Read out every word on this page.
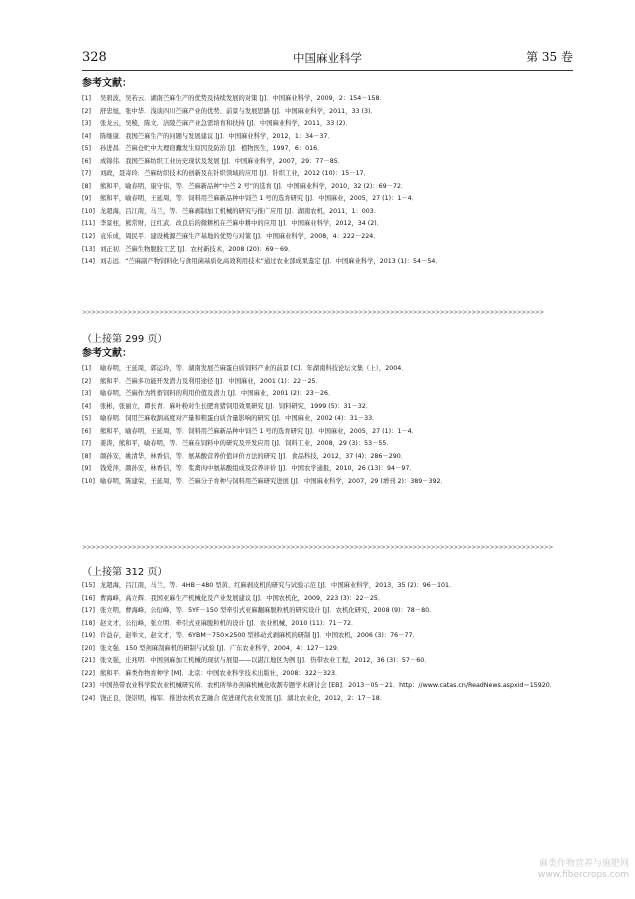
328	中国麻业科学	第 35 卷
参考文献：

[1] 吴碧波，吴若云．湖南苎麻生产的优势及持续发展的对策 [J]．中国麻业科学，2009，2：154－158．

[2] 舒忠旭，张中华．浅谈四川苎麻产业的优势、前景与发展思路 [J]．中国麻业科学，2011，33 (3)．

[3] 张龙云，吴稜，陈文．涪陵苎麻产业急需培育和扶持 [J]．中国麻业科学，2011，33 (2)．

[4] 陈继康．我国苎麻生产的问题与发展建议 [J]．中国麻业科学，2012，1：34－37．

[5] 孙进昌．苎麻仓贮中大理窃蠹发生原因及防治 [J]．植物医生，1997，6：016．

[6] 成锦伟．我国苎麻纺织工业历史现状及发展 [J]．中国麻业科学，2007，29：77－85．

[7] 刘政，聂寄玲．苎麻纺织技术的创新及在针织领域的应用 [J]．针织工业，2012 (10)：15－17．

[8] 熊和平，喻春明，康守伟，等．苎麻新品种“中苎 2 号”的选育 [J]．中国麻业科学，2010，32 (2)：69－72．

[9] 熊和平，喻春明，王延周，等．饲料用苎麻新品种中饲苎 1 号的选育研究 [J]．中国麻业，2005，27 (1)：1－4．

[10] 龙超海，吕江南，马兰，等．苎麻剥制加工机械的研究与推广应用 [J]．湖南农机，2011，1：003．

[11] 李景柱，熊常财，汪红武．改良后的微耕机在苎麻中耕中的应用 [J]．中国麻业科学，2012，34 (2)．

[12] 袁乐成，周民平．建设桃源苎麻生产基地的优势与对策 [J]．中国麻业科学，2008，4：222－224．

[13] 刘正初．苎麻生物脱胶工艺 [J]．农村新技术，2008 (20)：69－69．

[14] 刘志远．“苎麻副产物饲料化与食用菌基质化高效利用技术”通过农业部成果鉴定 [J]．中国麻业科学，2013 (1)：54－54．

>>>>>>>>>>>>>>>>>>>>>>>>>>>>>>>>>>>>>>>>>>>>>>>>>>>>>>>>>>>>>>>>>>>>>>>>>>>>>>>>>>>>>>>>>>>>>>>>>>>>>>
（上接第 299 页）
参考文献：

[1] 喻春明，王延周，郭运玲，等．湖南发展苎麻蛋白质饲料产业的前景 [C]．年湖南科技论坛文集（上），2004．

[2] 熊和平．苎麻多功能开发潜力及利用途径 [J]．中国麻业，2001 (1)：22－25．

[3] 喻春明，苎麻作为牲畜饲料的利用价值及潜力 [J]．中国麻业，2001 (2)：23－26．

[4] 张彬，张丽立，谭长青．麻叶粉对生长肥育猪饲用效果研究 [J]．饲料研究，1999 (5)：31－32．

[5] 喻春明．饲用苎麻收割高度对产量和粗蛋白质含量影响的研究 [J]．中国麻业，2002 (4)：31－33．

[6] 熊和平，喻春明，王延周，等．饲料用苎麻新品种中饲苎 1 号的选育研究 [J]．中国麻业，2005，27 (1)：1－4．

[7] 姜涛，熊和平，喻春明，等．苎麻在饲料中的研究及开发应用 [J]．饲料工业，2008，29 (3)：53－55．

[8] 颜孙安，姚清华，林香信，等．氨基酸营养价值评价方法的研究 [J]．食品科技，2012，37 (4)：286－290．

[9] 钱爱萍，颜孙安，林香信，等．浆禽肉中氨基酸组成及营养评价 [J]．中国农学通报，2010，26 (13)：94－97．

[10] 喻春明，陈建荣，王延周，等．苎麻分子育种与饲料用苎麻研究进展 [J]．中国麻业科学，2007，29 (增刊 2)：389－392．

>>>>>>>>>>>>>>>>>>>>>>>>>>>>>>>>>>>>>>>>>>>>>>>>>>>>>>>>>>>>>>>>>>>>>>>>>>>>>>>>>>>>>>>>>>>>>>>>>>>>>>>>
（上接第 312 页）

[15] 龙超海，吕江南，马兰，等．4HB－480 型黄、红麻剥皮机的研究与试验示范 [J]．中国麻业科学，2013，35 (2)：96－101．

[16] 曹海峰，高立辉．我国亚麻生产机械化及产业发展建议 [J]．中国农机化，2009，223 (3)：22－25．

[17] 张立明，曹海峰，公衍峰，等．5YF－150 型牵引式亚麻翻麻脱粒机的研究设计 [J]．农机化研究，2008 (9)：78－80．

[18] 赵文才，公衍峰，张立明．牵引式亚麻脱粒机的设计 [J]．农业机械，2010 (11)：71－72．

[19] 许益存，赵举文，赵文才，等．6YBM－750×2500 型移动式剥麻机的研制 [J]．中国农机，2006 (3)：76－77．

[20] 张文强．150 型剑麻刮麻机的研制与试验 [J]．广东农业科学，2004，4：127－129．

[21] 张文强，庄兆明．中国剑麻加工机械的现状与展望——以湛江地区为例 [J]．热带农业工程，2012，36 (3)：57－60．

[22] 熊和平．麻类作物育种学 [M]．北京：中国农业科学技术出版社，2008：322－323．

[23] 中国热带农业科学院农业机械研究所．农机所举办剑麻机械化收割专题学术研讨会 [EB]．2013－05－21．http：//www.catas.cn/ReadNews.aspxid＝15920．

[24] 饶正良，饶崇明，梅军．推进农机农艺融合 促进现代农业发展 [J]．湖北农业化，2012，2：17－18．

麻类作物营养与施肥网
www.fibercrops.com
